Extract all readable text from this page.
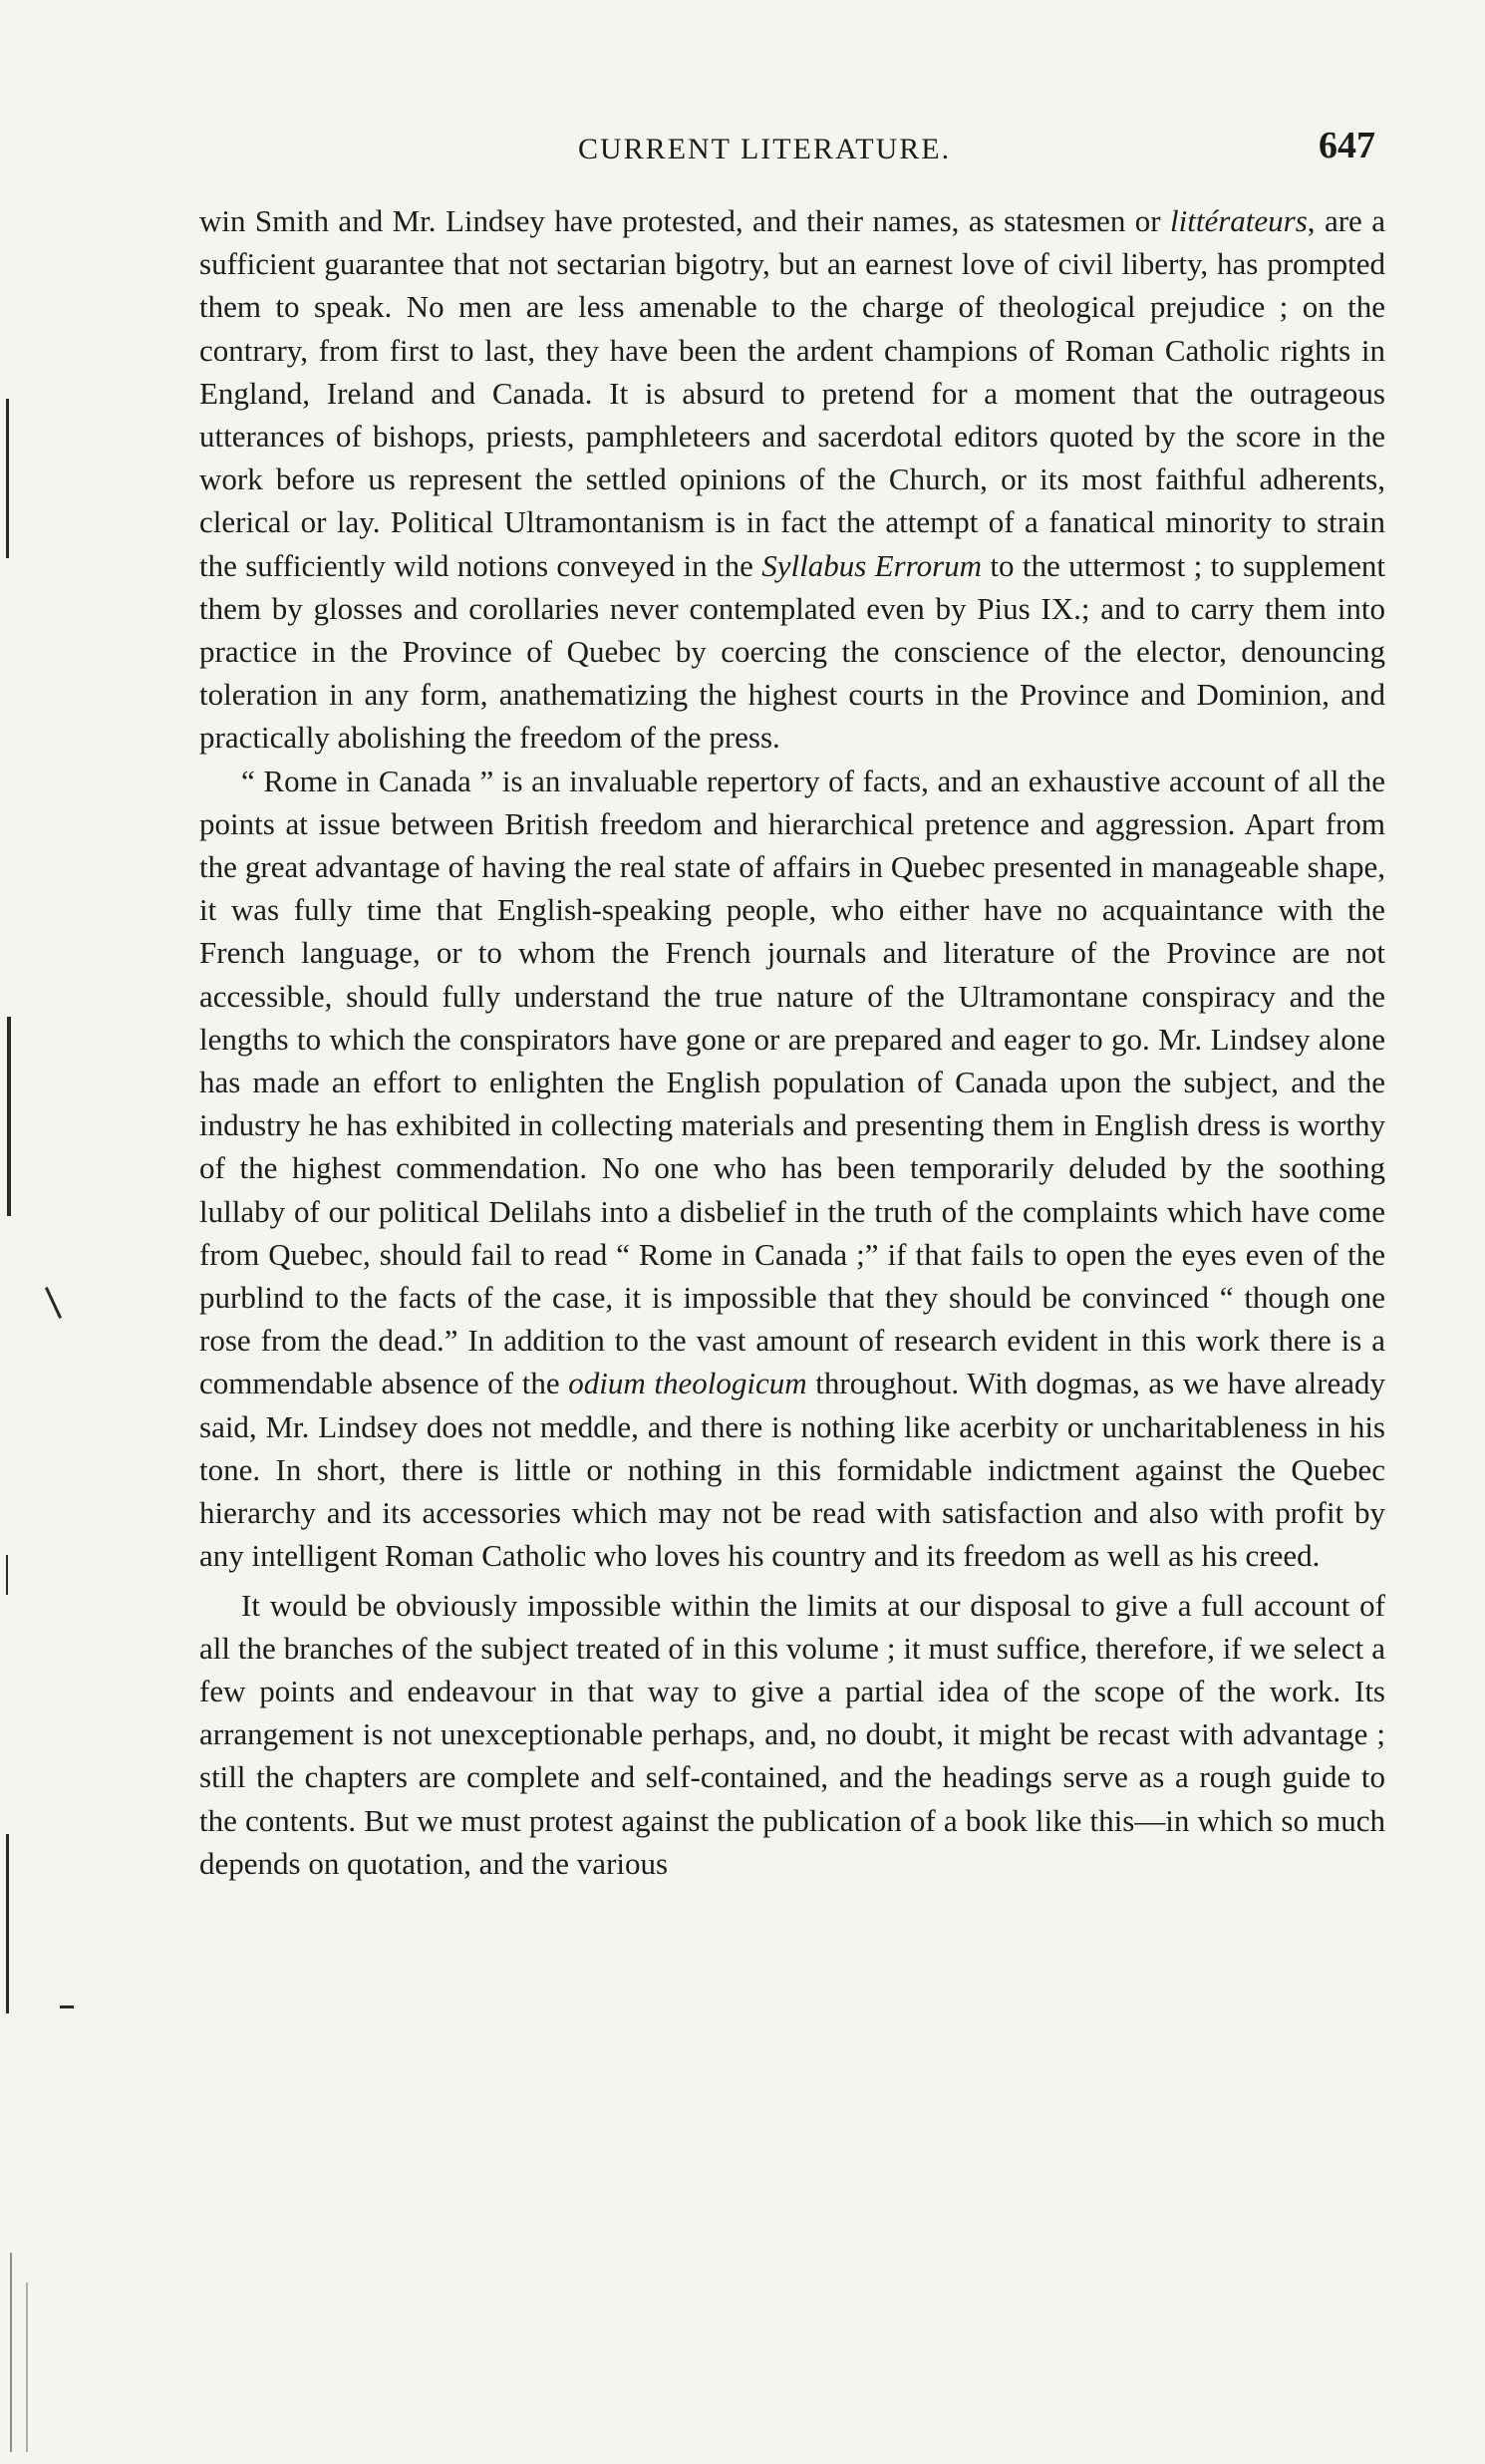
CURRENT LITERATURE.	647

win Smith and Mr. Lindsey have protested, and their names, as statesmen or littérateurs, are a sufficient guarantee that not sectarian bigotry, but an earnest love of civil liberty, has prompted them to speak. No men are less amenable to the charge of theological prejudice ; on the contrary, from first to last, they have been the ardent champions of Roman Catholic rights in England, Ireland and Canada. It is absurd to pretend for a moment that the outrageous utterances of bishops, priests, pamphleteers and sacerdotal editors quoted by the score in the work before us represent the settled opinions of the Church, or its most faithful adherents, clerical or lay. Political Ultramontanism is in fact the attempt of a fanatical minority to strain the sufficiently wild notions conveyed in the Syllabus Errorum to the uttermost ; to supplement them by glosses and corollaries never contemplated even by Pius IX.; and to carry them into practice in the Province of Quebec by coercing the conscience of the elector, denouncing toleration in any form, anathematizing the highest courts in the Province and Dominion, and practically abolishing the freedom of the press.

“ Rome in Canada ” is an invaluable repertory of facts, and an exhaustive account of all the points at issue between British freedom and hierarchical pretence and aggression. Apart from the great advantage of having the real state of affairs in Quebec presented in manageable shape, it was fully time that English-speaking people, who either have no acquaintance with the French language, or to whom the French journals and literature of the Province are not accessible, should fully understand the true nature of the Ultramontane conspiracy and the lengths to which the conspirators have gone or are prepared and eager to go. Mr. Lindsey alone has made an effort to enlighten the English population of Canada upon the subject, and the industry he has exhibited in collecting materials and presenting them in English dress is worthy of the highest commendation. No one who has been temporarily deluded by the soothing lullaby of our political Delilahs into a disbelief in the truth of the complaints which have come from Quebec, should fail to read “ Rome in Canada ;” if that fails to open the eyes even of the purblind to the facts of the case, it is impossible that they should be convinced “ though one rose from the dead.” In addition to the vast amount of research evident in this work there is a commendable absence of the odium theologicum throughout. With dogmas, as we have already said, Mr. Lindsey does not meddle, and there is nothing like acerbity or uncharitableness in his tone. In short, there is little or nothing in this formidable indictment against the Quebec hierarchy and its accessories which may not be read with satisfaction and also with profit by any intelligent Roman Catholic who loves his country and its freedom as well as his creed.

It would be obviously impossible within the limits at our disposal to give a full account of all the branches of the subject treated of in this volume ; it must suffice, therefore, if we select a few points and endeavour in that way to give a partial idea of the scope of the work. Its arrangement is not unexceptionable perhaps, and, no doubt, it might be recast with advantage ; still the chapters are complete and self-contained, and the headings serve as a rough guide to the contents. But we must protest against the publication of a book like this—in which so much depends on quotation, and the various
